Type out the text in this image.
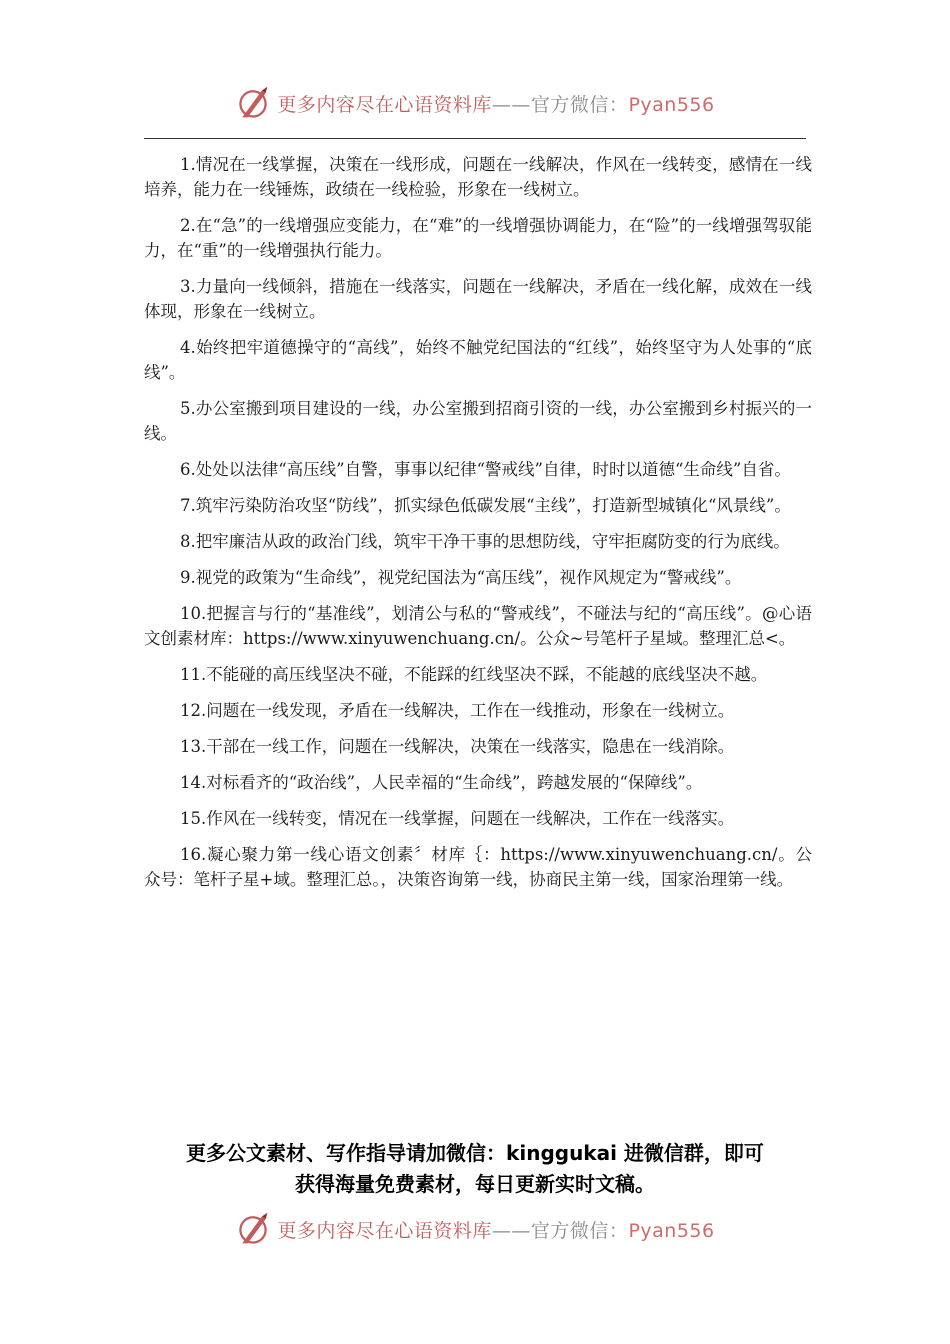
更多内容尽在心语资料库——官方微信：Pyan556

1.情况在一线掌握，决策在一线形成，问题在一线解决，作风在一线转变，感情在一线培养，能力在一线锤炼，政绩在一线检验，形象在一线树立。

2.在“急”的一线增强应变能力，在“难”的一线增强协调能力，在“险”的一线增强驾驭能力，在“重”的一线增强执行能力。

3.力量向一线倾斜，措施在一线落实，问题在一线解决，矛盾在一线化解，成效在一线体现，形象在一线树立。

4.始终把牢道德操守的“高线”，始终不触党纪国法的“红线”，始终坚守为人处事的“底线”。

5.办公室搬到项目建设的一线，办公室搬到招商引资的一线，办公室搬到乡村振兴的一线。

6.处处以法律“高压线”自警，事事以纪律“警戒线”自律，时时以道德“生命线”自省。

7.筑牢污染防治攻坚“防线”，抓实绿色低碳发展“主线”，打造新型城镇化“风景线”。

8.把牢廉洁从政的政治门线，筑牢干净干事的思想防线，守牢拒腐防变的行为底线。

9.视党的政策为“生命线”，视党纪国法为“高压线”，视作风规定为“警戒线”。

10.把握言与行的“基准线”，划清公与私的“警戒线”，不碰法与纪的“高压线”。@心语文创素材库：https://www.xinyuwenchuang.cn/。公众~号笔杆子星域。整理汇总<。

11.不能碰的高压线坚决不碰，不能踩的红线坚决不踩，不能越的底线坚决不越。

12.问题在一线发现，矛盾在一线解决，工作在一线推动，形象在一线树立。

13.干部在一线工作，问题在一线解决，决策在一线落实，隐患在一线消除。

14.对标看齐的“政治线”，人民幸福的“生命线”，跨越发展的“保障线”。

15.作风在一线转变，情况在一线掌握，问题在一线解决，工作在一线落实。

16.凝心聚力第一线心语文创素〞材库｛：https://www.xinyuwenchuang.cn/。公众号：笔杆子星+域。整理汇总。，决策咨询第一线，协商民主第一线，国家治理第一线。

更多公文素材、写作指导请加微信：kinggukai 进微信群，即可
获得海量免费素材，每日更新实时文稿。
更多内容尽在心语资料库——官方微信：Pyan556
